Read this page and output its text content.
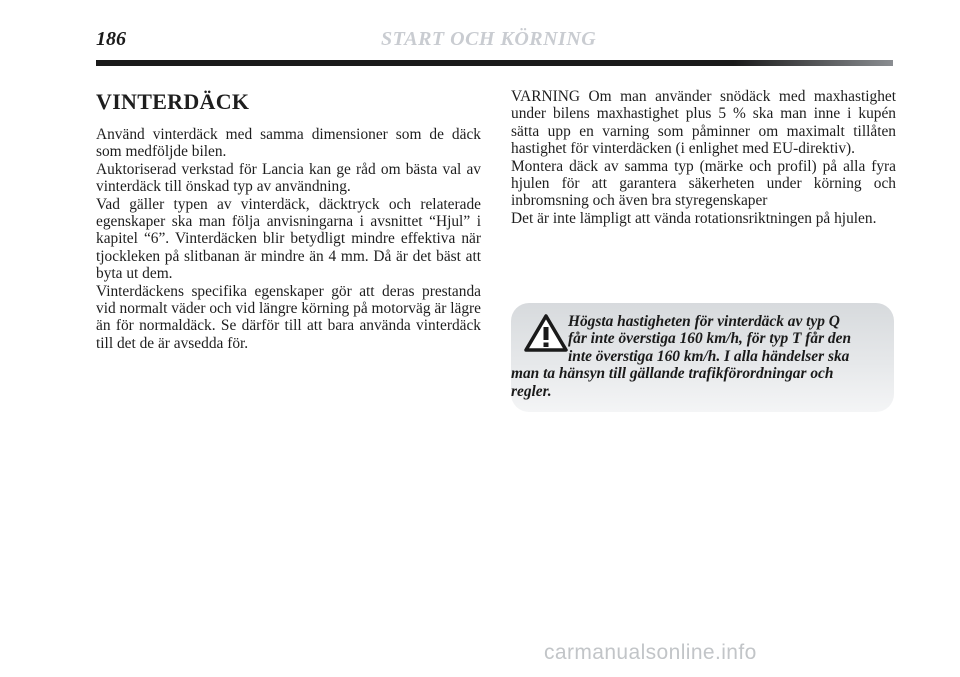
186	START OCH KÖRNING
VINTERDÄCK

Använd vinterdäck med samma dimensioner som de däck som medföljde bilen.
Auktoriserad verkstad för Lancia kan ge råd om bästa val av vinterdäck till önskad typ av användning.
Vad gäller typen av vinterdäck, däcktryck och relaterade egenskaper ska man följa anvisningarna i avsnittet “Hjul” i kapitel “6”. Vinterdäcken blir betydligt mindre effektiva när tjockleken på slitbanan är mindre än 4 mm. Då är det bäst att byta ut dem.
Vinterdäckens specifika egenskaper gör att deras prestanda vid normalt väder och vid längre körning på motorväg är lägre än för normaldäck. Se därför till att bara använda vinterdäck till det de är avsedda för.

VARNING Om man använder snödäck med maxhastighet under bilens maxhastighet plus 5 % ska man inne i kupén sätta upp en varning som påminner om maximalt tillåten hastighet för vinterdäcken (i enlighet med EU-direktiv).
Montera däck av samma typ (märke och profil) på alla fyra hjulen för att garantera säkerheten under körning och inbromsning och även bra styregenskaper
Det är inte lämpligt att vända rotationsriktningen på hjulen.

Högsta hastigheten för vinterdäck av typ Q
får inte överstiga 160 km/h, för typ T får den
inte överstiga 160 km/h. I alla händelser ska
man ta hänsyn till gällande trafikförordningar och
regler.
carmanualsonline.info
